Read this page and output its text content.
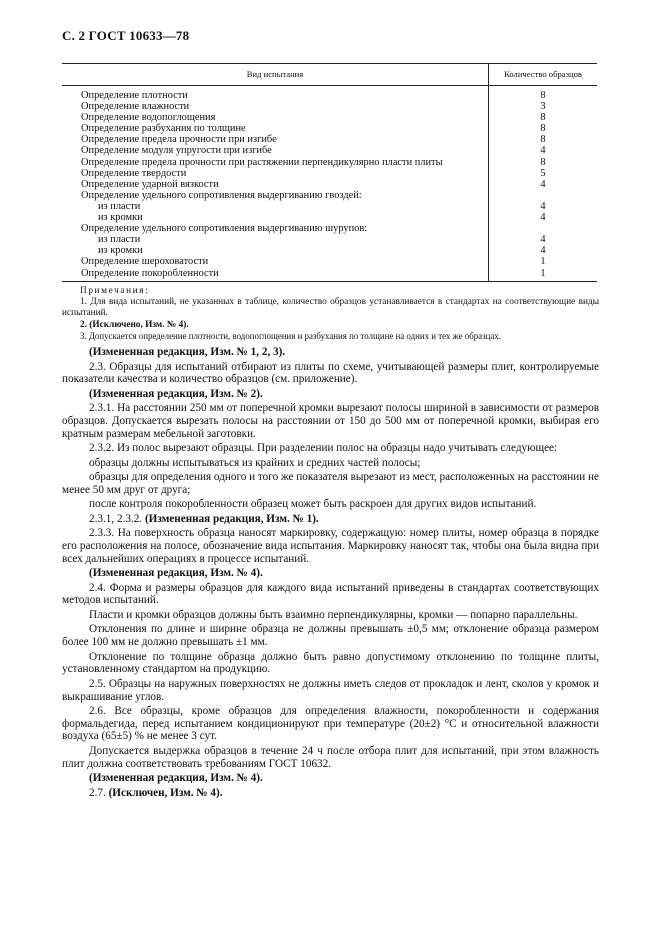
С. 2 ГОСТ 10633—78
Вид испытания	Количество образцов
Определение плотности	8
Определение влажности	3
Определение водопоглощения	8
Определение разбухания по толщине	8
Определение предела прочности при изгибе	8
Определение модуля упругости при изгибе	4
Определение предела прочности при растяжении перпендикулярно пласти плиты	8
Определение твердости	5
Определение ударной вязкости	4
Определение удельного сопротивления выдергиванию гвоздей:	
из пласти	4
из кромки	4
Определение удельного сопротивления выдергиванию шурупов:	
из пласти	4
из кромки	4
Определение шероховатости	1
Определение покоробленности	1

Примечания:

1. Для вида испытаний, не указанных в таблице, количество образцов устанавливается в стандартах на соответствующие виды испытаний.

2. (Исключено, Изм. № 4).

3. Допускается определение плотности, водопоглощения и разбухания по толщине на одних и тех же образцах.

(Измененная редакция, Изм. № 1, 2, 3).

2.3. Образцы для испытаний отбирают из плиты по схеме, учитывающей размеры плит, контролируемые показатели качества и количество образцов (см. приложение).

(Измененная редакция, Изм. № 2).

2.3.1. На расстоянии 250 мм от поперечной кромки вырезают полосы шириной в зависимости от размеров образцов. Допускается вырезать полосы на расстоянии от 150 до 500 мм от поперечной кромки, выбирая его кратным размерам мебельной заготовки.

2.3.2. Из полос вырезают образцы. При разделении полос на образцы надо учитывать следующее:

образцы должны испытываться из крайних и средних частей полосы;

образцы для определения одного и того же показателя вырезают из мест, расположенных на расстоянии не менее 50 мм друг от друга;

после контроля покоробленности образец может быть раскроен для других видов испытаний.

2.3.1, 2.3.2. (Измененная редакция, Изм. № 1).

2.3.3. На поверхность образца наносят маркировку, содержащую: номер плиты, номер образца в порядке его расположения на полосе, обозначение вида испытания. Маркировку наносят так, чтобы она была видна при всех дальнейших операциях в процессе испытаний.

(Измененная редакция, Изм. № 4).

2.4. Форма и размеры образцов для каждого вида испытаний приведены в стандартах соответствующих методов испытаний.

Пласти и кромки образцов должны быть взаимно перпендикулярны, кромки — попарно параллельны.

Отклонения по длине и ширине образца не должны превышать ±0,5 мм; отклонение образца размером более 100 мм не должно превышать ±1 мм.

Отклонение по толщине образца должно быть равно допустимому отклонению по толщине плиты, установленному стандартом на продукцию.

2.5. Образцы на наружных поверхностях не должны иметь следов от прокладок и лент, сколов у кромок и выкрашивание углов.

2.6. Все образцы, кроме образцов для определения влажности, покоробленности и содержания формальдегида, перед испытанием кондиционируют при температуре (20±2) °С и относительной влажности воздуха (65±5) % не менее 3 сут.

Допускается выдержка образцов в течение 24 ч после отбора плит для испытаний, при этом влажность плит должна соответствовать требованиям ГОСТ 10632.

(Измененная редакция, Изм. № 4).

2.7. (Исключен, Изм. № 4).
